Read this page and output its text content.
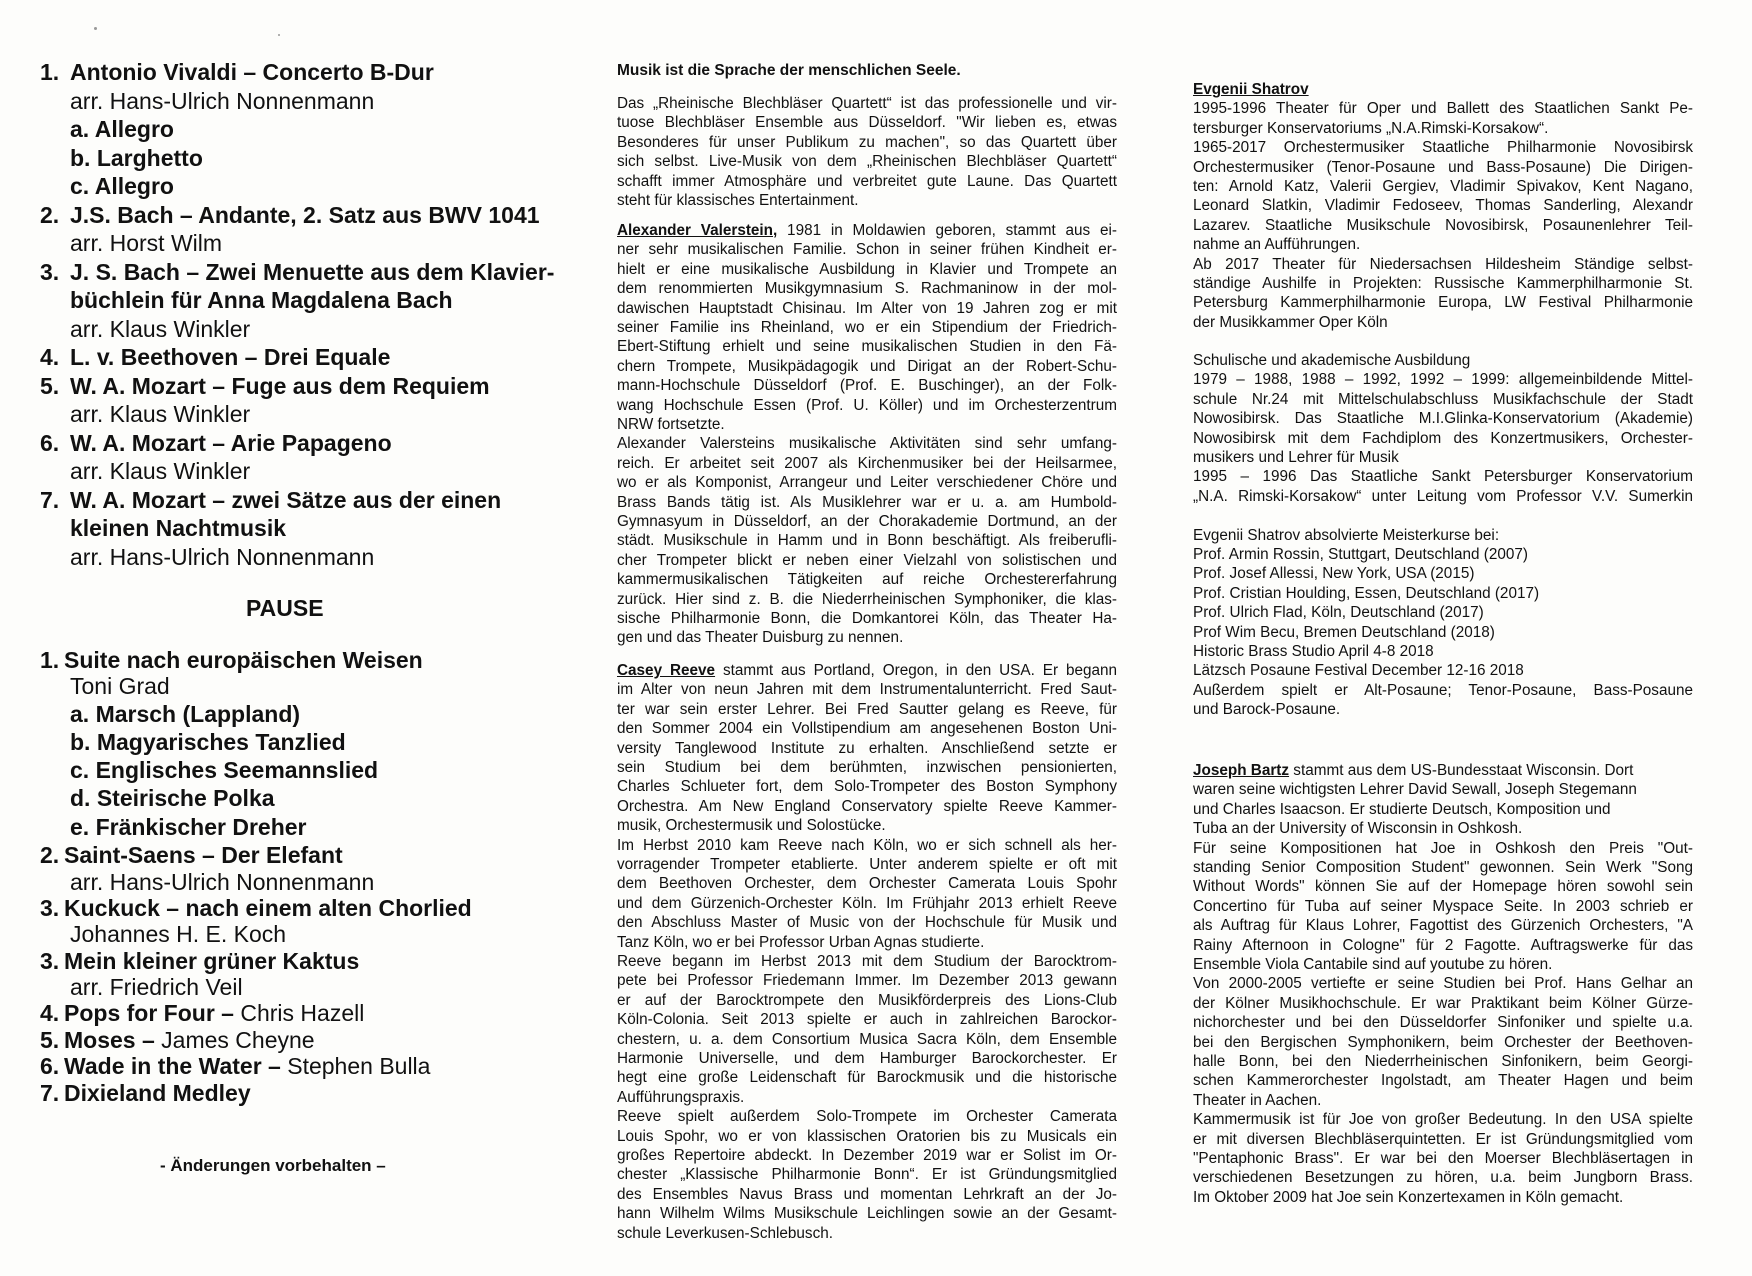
1. Antonio Vivaldi – Concerto B-Dur
arr. Hans-Ulrich Nonnenmann
a. Allegro
b. Larghetto
c. Allegro
2. J.S. Bach – Andante, 2. Satz aus BWV 1041
arr. Horst Wilm
3. J. S. Bach – Zwei Menuette aus dem Klavier-
büchlein für Anna Magdalena Bach
arr. Klaus Winkler
4. L. v. Beethoven – Drei Equale
5. W. A. Mozart – Fuge aus dem Requiem
arr. Klaus Winkler
6. W. A. Mozart – Arie Papageno
arr. Klaus Winkler
7. W. A. Mozart – zwei Sätze aus der einen
kleinen Nachtmusik
arr. Hans-Ulrich Nonnenmann
PAUSE
1. Suite nach europäischen Weisen
Toni Grad
a. Marsch (Lappland)
b. Magyarisches Tanzlied
c. Englisches Seemannslied
d. Steirische Polka
e. Fränkischer Dreher
2. Saint-Saens – Der Elefant
arr. Hans-Ulrich Nonnenmann
3. Kuckuck – nach einem alten Chorlied
Johannes H. E. Koch
3. Mein kleiner grüner Kaktus
arr. Friedrich Veil
4. Pops for Four – Chris Hazell
5. Moses – James Cheyne
6. Wade in the Water – Stephen Bulla
7. Dixieland Medley
- Änderungen vorbehalten –
Musik ist die Sprache der menschlichen Seele.
Das „Rheinische Blechbläser Quartett“ ist das professionelle und vir-
tuose Blechbläser Ensemble aus Düsseldorf. "Wir lieben es, etwas
Besonderes für unser Publikum zu machen", so das Quartett über
sich selbst. Live-Musik von dem „Rheinischen Blechbläser Quartett“
schafft immer Atmosphäre und verbreitet gute Laune. Das Quartett
steht für klassisches Entertainment.
Alexander Valerstein, 1981 in Moldawien geboren, stammt aus ei-
ner sehr musikalischen Familie. Schon in seiner frühen Kindheit er-
hielt er eine musikalische Ausbildung in Klavier und Trompete an
dem renommierten Musikgymnasium S. Rachmaninow in der mol-
dawischen Hauptstadt Chisinau. Im Alter von 19 Jahren zog er mit
seiner Familie ins Rheinland, wo er ein Stipendium der Friedrich-
Ebert-Stiftung erhielt und seine musikalischen Studien in den Fä-
chern Trompete, Musikpädagogik und Dirigat an der Robert-Schu-
mann-Hochschule Düsseldorf (Prof. E. Buschinger), an der Folk-
wang Hochschule Essen (Prof. U. Köller) und im Orchesterzentrum
NRW fortsetzte.
Alexander Valersteins musikalische Aktivitäten sind sehr umfang-
reich. Er arbeitet seit 2007 als Kirchenmusiker bei der Heilsarmee,
wo er als Komponist, Arrangeur und Leiter verschiedener Chöre und
Brass Bands tätig ist. Als Musiklehrer war er u. a. am Humbold-
Gymnasyum in Düsseldorf, an der Chorakademie Dortmund, an der
städt. Musikschule in Hamm und in Bonn beschäftigt. Als freiberufli-
cher Trompeter blickt er neben einer Vielzahl von solistischen und
kammermusikalischen Tätigkeiten auf reiche Orchestererfahrung
zurück. Hier sind z. B. die Niederrheinischen Symphoniker, die klas-
sische Philharmonie Bonn, die Domkantorei Köln, das Theater Ha-
gen und das Theater Duisburg zu nennen.
Casey Reeve stammt aus Portland, Oregon, in den USA. Er begann
im Alter von neun Jahren mit dem Instrumentalunterricht. Fred Saut-
ter war sein erster Lehrer. Bei Fred Sautter gelang es Reeve, für
den Sommer 2004 ein Vollstipendium am angesehenen Boston Uni-
versity Tanglewood Institute zu erhalten. Anschließend setzte er
sein Studium bei dem berühmten, inzwischen pensionierten,
Charles Schlueter fort, dem Solo-Trompeter des Boston Symphony
Orchestra. Am New England Conservatory spielte Reeve Kammer-
musik, Orchestermusik und Solostücke.
Im Herbst 2010 kam Reeve nach Köln, wo er sich schnell als her-
vorragender Trompeter etablierte. Unter anderem spielte er oft mit
dem Beethoven Orchester, dem Orchester Camerata Louis Spohr
und dem Gürzenich-Orchester Köln. Im Frühjahr 2013 erhielt Reeve
den Abschluss Master of Music von der Hochschule für Musik und
Tanz Köln, wo er bei Professor Urban Agnas studierte.
Reeve begann im Herbst 2013 mit dem Studium der Barocktrom-
pete bei Professor Friedemann Immer. Im Dezember 2013 gewann
er auf der Barocktrompete den Musikförderpreis des Lions-Club
Köln-Colonia. Seit 2013 spielte er auch in zahlreichen Barockor-
chestern, u. a. dem Consortium Musica Sacra Köln, dem Ensemble
Harmonie Universelle, und dem Hamburger Barockorchester. Er
hegt eine große Leidenschaft für Barockmusik und die historische
Aufführungspraxis.
Reeve spielt außerdem Solo-Trompete im Orchester Camerata
Louis Spohr, wo er von klassischen Oratorien bis zu Musicals ein
großes Repertoire abdeckt. In Dezember 2019 war er Solist im Or-
chester „Klassische Philharmonie Bonn“. Er ist Gründungsmitglied
des Ensembles Navus Brass und momentan Lehrkraft an der Jo-
hann Wilhelm Wilms Musikschule Leichlingen sowie an der Gesamt-
schule Leverkusen-Schlebusch.
Evgenii Shatrov
1995-1996 Theater für Oper und Ballett des Staatlichen Sankt Pe-
tersburger Konservatoriums „N.A.Rimski-Korsakow“.
1965-2017 Orchestermusiker Staatliche Philharmonie Novosibirsk
Orchestermusiker (Tenor-Posaune und Bass-Posaune) Die Dirigen-
ten: Arnold Katz, Valerii Gergiev, Vladimir Spivakov, Kent Nagano,
Leonard Slatkin, Vladimir Fedoseev, Thomas Sanderling, Alexandr
Lazarev. Staatliche Musikschule Novosibirsk, Posaunenlehrer Teil-
nahme an Aufführungen.
Ab 2017 Theater für Niedersachsen Hildesheim Ständige selbst-
ständige Aushilfe in Projekten: Russische Kammerphilharmonie St.
Petersburg Kammerphilharmonie Europa, LW Festival Philharmonie
der Musikkammer Oper Köln
Schulische und akademische Ausbildung
1979 – 1988, 1988 – 1992, 1992 – 1999: allgemeinbildende Mittel-
schule Nr.24 mit Mittelschulabschluss Musikfachschule der Stadt
Nowosibirsk. Das Staatliche M.I.Glinka-Konservatorium (Akademie)
Nowosibirsk mit dem Fachdiplom des Konzertmusikers, Orchester-
musikers und Lehrer für Musik
1995 – 1996 Das Staatliche Sankt Petersburger Konservatorium
„N.A. Rimski-Korsakow“ unter Leitung vom Professor V.V. Sumerkin
Evgenii Shatrov absolvierte Meisterkurse bei:
Prof. Armin Rossin, Stuttgart, Deutschland (2007)
Prof. Josef Allessi, New York, USA (2015)
Prof. Cristian Houlding, Essen, Deutschland (2017)
Prof. Ulrich Flad, Köln, Deutschland (2017)
Prof Wim Becu, Bremen Deutschland (2018)
Historic Brass Studio April 4-8 2018
Lätzsch Posaune Festival December 12-16 2018
Außerdem spielt er Alt-Posaune; Tenor-Posaune, Bass-Posaune
und Barock-Posaune.
Joseph Bartz stammt aus dem US-Bundesstaat Wisconsin. Dort
waren seine wichtigsten Lehrer David Sewall, Joseph Stegemann
und Charles Isaacson. Er studierte Deutsch, Komposition und
Tuba an der University of Wisconsin in Oshkosh.
Für seine Kompositionen hat Joe in Oshkosh den Preis "Out-
standing Senior Composition Student" gewonnen. Sein Werk "Song
Without Words" können Sie auf der Homepage hören sowohl sein
Concertino für Tuba auf seiner Myspace Seite. In 2003 schrieb er
als Auftrag für Klaus Lohrer, Fagottist des Gürzenich Orchesters, "A
Rainy Afternoon in Cologne" für 2 Fagotte. Auftragswerke für das
Ensemble Viola Cantabile sind auf youtube zu hören.
Von 2000-2005 vertiefte er seine Studien bei Prof. Hans Gelhar an
der Kölner Musikhochschule. Er war Praktikant beim Kölner Gürze-
nichorchester und bei den Düsseldorfer Sinfoniker und spielte u.a.
bei den Bergischen Symphonikern, beim Orchester der Beethoven-
halle Bonn, bei den Niederrheinischen Sinfonikern, beim Georgi-
schen Kammerorchester Ingolstadt, am Theater Hagen und beim
Theater in Aachen.
Kammermusik ist für Joe von großer Bedeutung. In den USA spielte
er mit diversen Blechbläserquintetten. Er ist Gründungsmitglied vom
"Pentaphonic Brass". Er war bei den Moerser Blechbläsertagen in
verschiedenen Besetzungen zu hören, u.a. beim Jungborn Brass.
Im Oktober 2009 hat Joe sein Konzertexamen in Köln gemacht.
